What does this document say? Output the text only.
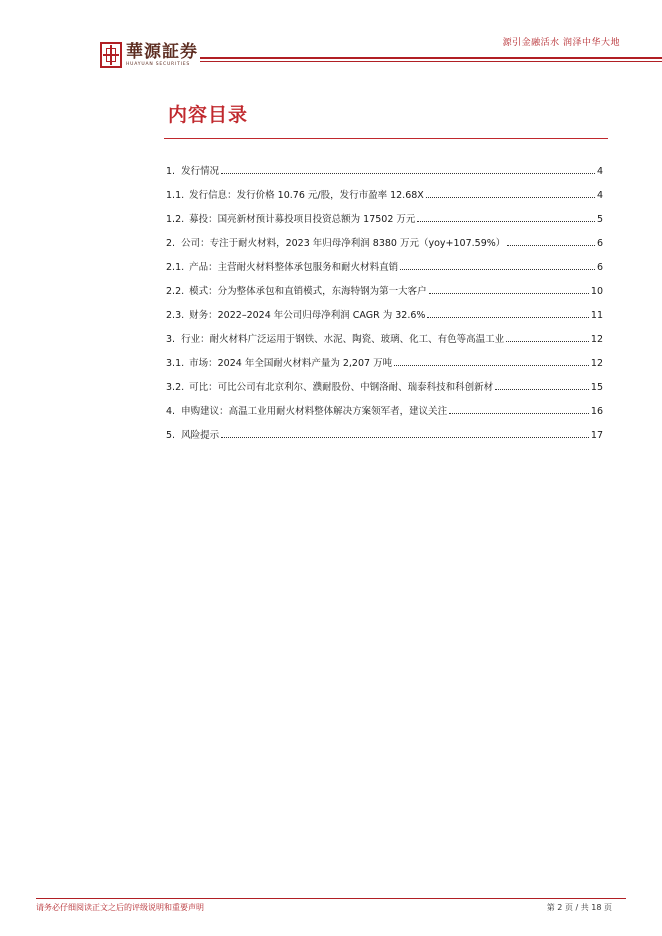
華源証券
HUAYUAN SECURITIES
源引金融活水 润泽中华大地
内容目录
1. 发行情况	4
1.1. 发行信息：发行价格 10.76 元/股，发行市盈率 12.68X	4
1.2. 募投：国亮新材预计募投项目投资总额为 17502 万元	5
2. 公司：专注于耐火材料，2023 年归母净利润 8380 万元（yoy+107.59%）	6
2.1. 产品：主营耐火材料整体承包服务和耐火材料直销	6
2.2. 模式：分为整体承包和直销模式，东海特钢为第一大客户	10
2.3. 财务：2022–2024 年公司归母净利润 CAGR 为 32.6%	11
3. 行业：耐火材料广泛运用于钢铁、水泥、陶瓷、玻璃、化工、有色等高温工业	12
3.1. 市场：2024 年全国耐火材料产量为 2,207 万吨	12
3.2. 可比：可比公司有北京利尔、濮耐股份、中钢洛耐、瑞泰科技和科创新材	15
4. 申购建议：高温工业用耐火材料整体解决方案领军者，建议关注	16
5. 风险提示	17
请务必仔细阅读正文之后的评级说明和重要声明	第 2 页 / 共 18 页
